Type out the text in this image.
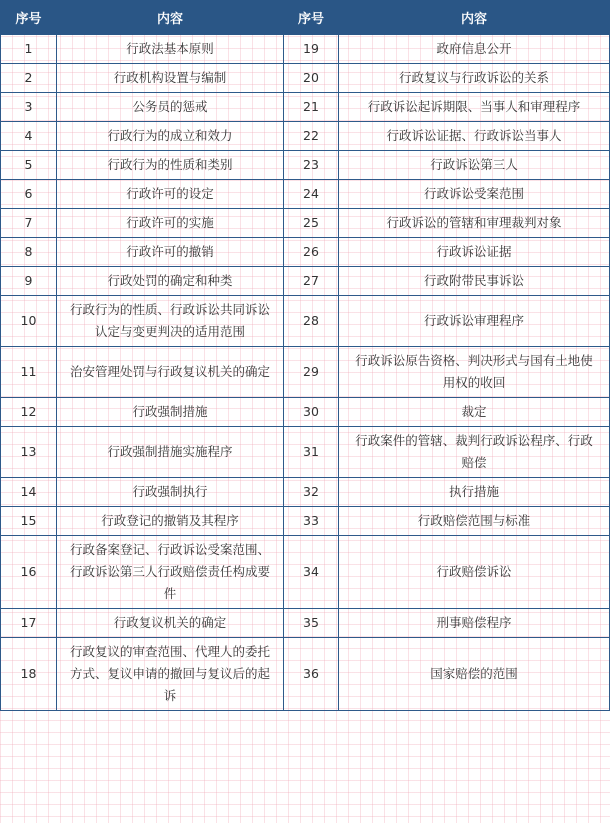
序号	内容	序号	内容
1	行政法基本原则	19	政府信息公开
2	行政机构设置与编制	20	行政复议与行政诉讼的关系
3	公务员的惩戒	21	行政诉讼起诉期限、当事人和审理程序
4	行政行为的成立和效力	22	行政诉讼证据、行政诉讼当事人
5	行政行为的性质和类别	23	行政诉讼第三人
6	行政许可的设定	24	行政诉讼受案范围
7	行政许可的实施	25	行政诉讼的管辖和审理裁判对象
8	行政许可的撤销	26	行政诉讼证据
9	行政处罚的确定和种类	27	行政附带民事诉讼
10	行政行为的性质、行政诉讼共同诉讼认定与变更判决的适用范围	28	行政诉讼审理程序
11	治安管理处罚与行政复议机关的确定	29	行政诉讼原告资格、判决形式与国有土地使用权的收回
12	行政强制措施	30	裁定
13	行政强制措施实施程序	31	行政案件的管辖、裁判行政诉讼程序、行政赔偿
14	行政强制执行	32	执行措施
15	行政登记的撤销及其程序	33	行政赔偿范围与标准
16	行政备案登记、行政诉讼受案范围、行政诉讼第三人行政赔偿责任构成要件	34	行政赔偿诉讼
17	行政复议机关的确定	35	刑事赔偿程序
18	行政复议的审查范围、代理人的委托方式、复议申请的撤回与复议后的起诉	36	国家赔偿的范围
